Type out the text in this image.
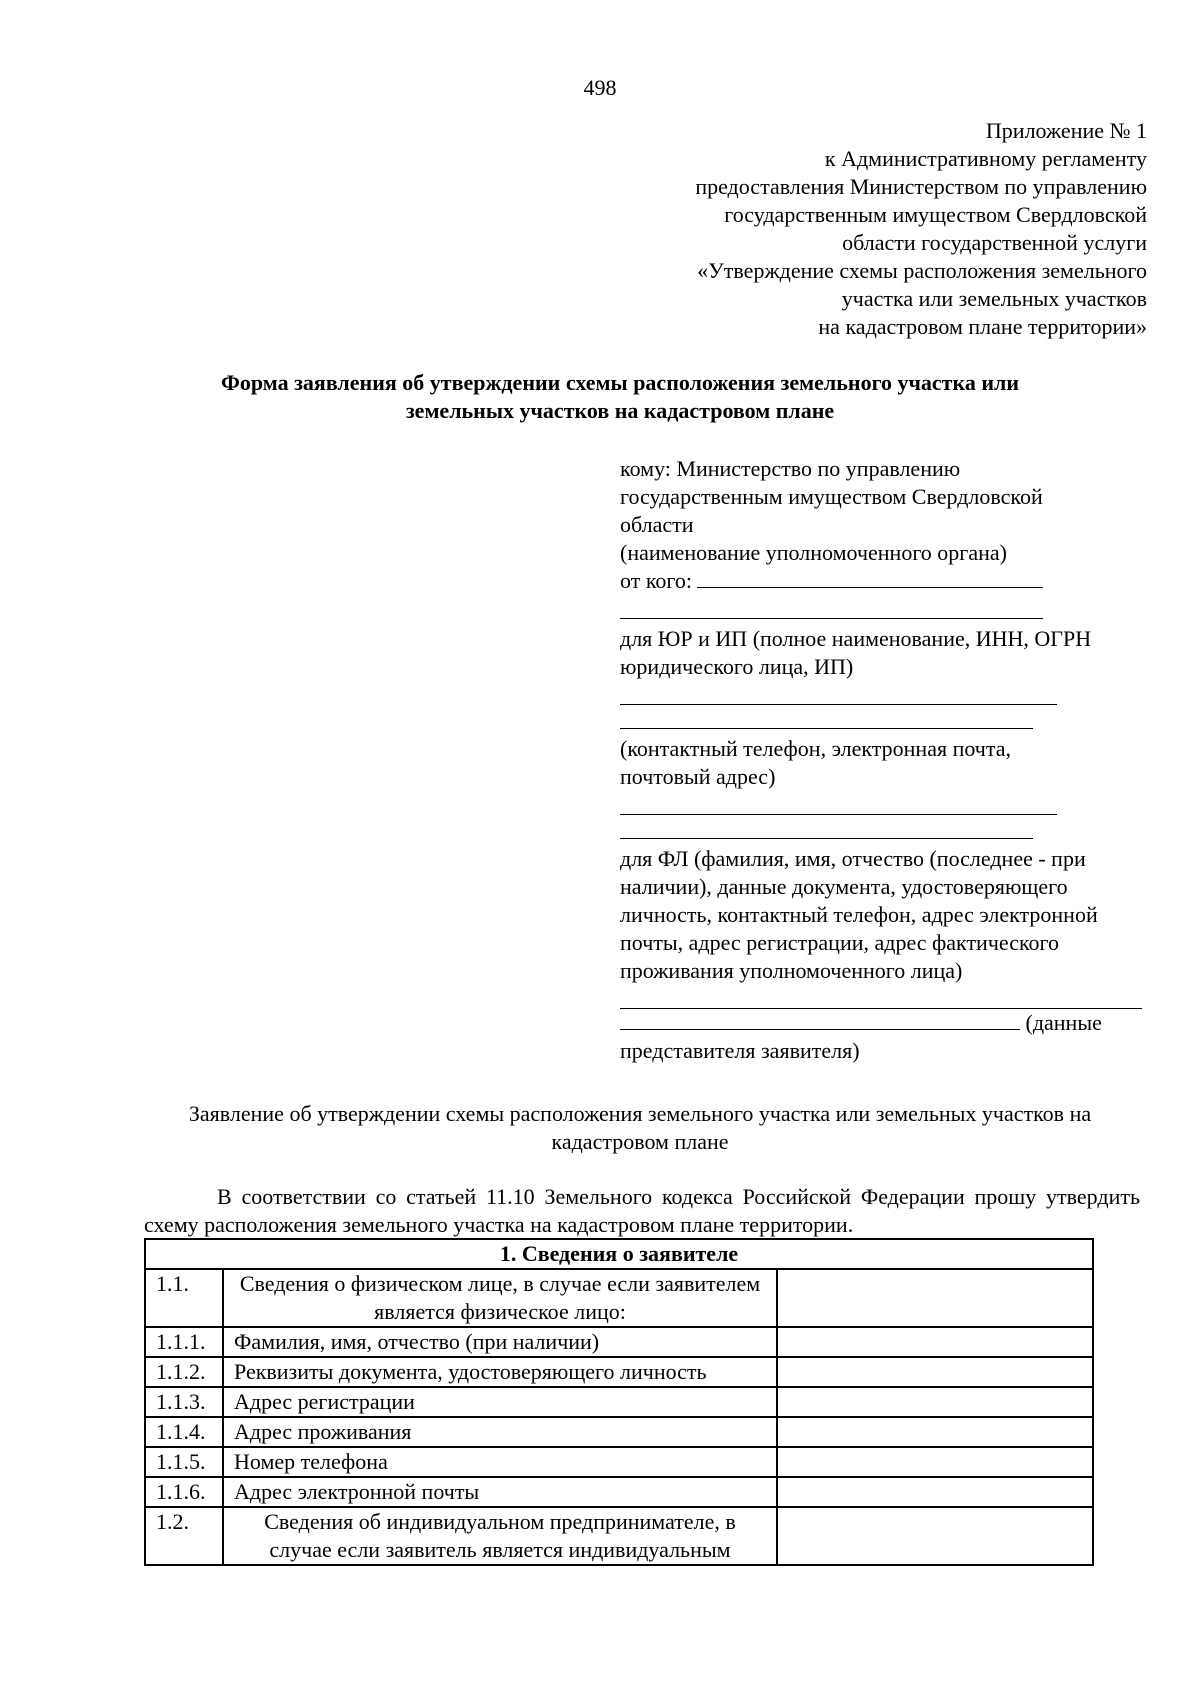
498
Приложение № 1
к Административному регламенту
предоставления Министерством по управлению
государственным имуществом Свердловской
области государственной услуги
«Утверждение схемы расположения земельного
участка или земельных участков
на кадастровом плане территории»
Форма заявления об утверждении схемы расположения земельного участка или
земельных участков на кадастровом плане
кому: Министерство по управлению
государственным имуществом Свердловской
области
(наименование уполномоченного органа)
от кого:
для ЮР и ИП (полное наименование, ИНН, ОГРН
юридического лица, ИП)
(контактный телефон, электронная почта,
почтовый адрес)
для ФЛ (фамилия, имя, отчество (последнее - при
наличии), данные документа, удостоверяющего
личность, контактный телефон, адрес электронной
почты, адрес регистрации, адрес фактического
проживания уполномоченного лица)
(данные
представителя заявителя)
Заявление об утверждении схемы расположения земельного участка или земельных участков на
кадастровом плане
В соответствии со статьей 11.10 Земельного кодекса Российской Федерации прошу утвердить схему расположения земельного участка на кадастровом плане территории.
1. Сведения о заявителе		
1.1.	Сведения о физическом лице, в случае если заявителем является физическое лицо:	
1.1.1.	Фамилия, имя, отчество (при наличии)	
1.1.2.	Реквизиты документа, удостоверяющего личность	
1.1.3.	Адрес регистрации	
1.1.4.	Адрес проживания	
1.1.5.	Номер телефона	
1.1.6.	Адрес электронной почты	
1.2.	Сведения об индивидуальном предпринимателе, в случае если заявитель является индивидуальным	
